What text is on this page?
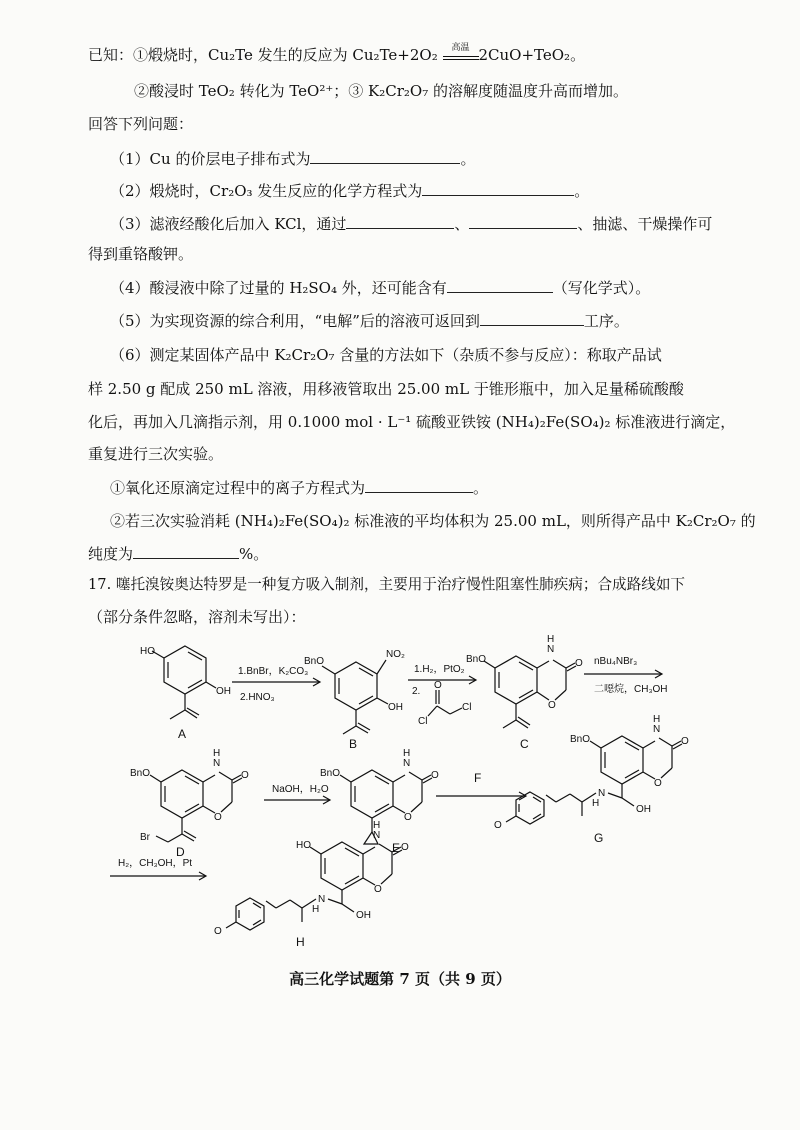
已知：①煅烧时，Cu₂Te 发生的反应为 Cu₂Te+2O₂	高温 2CuO+TeO₂。
②酸浸时 TeO₂ 转化为 TeO²⁺；③ K₂Cr₂O₇ 的溶解度随温度升高而增加。
回答下列问题：
（1）Cu 的价层电子排布式为	。
（2）煅烧时，Cr₂O₃ 发生反应的化学方程式为	。
（3）滤液经酸化后加入 KCl，通过	、	、抽滤、干燥操作可
得到重铬酸钾。
（4）酸浸液中除了过量的 H₂SO₄ 外，还可能含有	（写化学式）。
（5）为实现资源的综合利用，“电解”后的溶液可返回到	工序。
（6）测定某固体产品中 K₂Cr₂O₇ 含量的方法如下（杂质不参与反应）：称取产品试
样 2.50 g 配成 250 mL 溶液，用移液管取出 25.00 mL 于锥形瓶中，加入足量稀硫酸酸
化后，再加入几滴指示剂，用 0.1000 mol · L⁻¹ 硫酸亚铁铵 (NH₄)₂Fe(SO₄)₂ 标准液进行滴定，
重复进行三次实验。
①氧化还原滴定过程中的离子方程式为	。
②若三次实验消耗 (NH₄)₂Fe(SO₄)₂ 标准液的平均体积为 25.00 mL，则所得产品中 K₂Cr₂O₇ 的
纯度为	%。
17. 噻托溴铵奥达特罗是一种复方吸入制剂，主要用于治疗慢性阻塞性肺疾病；合成路线如下
（部分条件忽略，溶剂未写出）：
HO
OH
A
1.BnBr，K₂CO₃
2.HNO₃
BnO
NO₂
OH
B
1.H₂，PtO₂
2.
O
Cl
Cl
BnO
N
H
O
O
C
nBu₄NBr₃
二噁烷，CH₃OH
BnO
N
H
O
O
Br
D
NaOH，H₂O
BnO
N
H
O
O
E
F
BnO
N
H
O
O
OH
N
H
O
G
H₂，CH₃OH，Pt
HO
N
H
O
O
OH
N
H
O
H
高三化学试题第 7 页（共 9 页）
